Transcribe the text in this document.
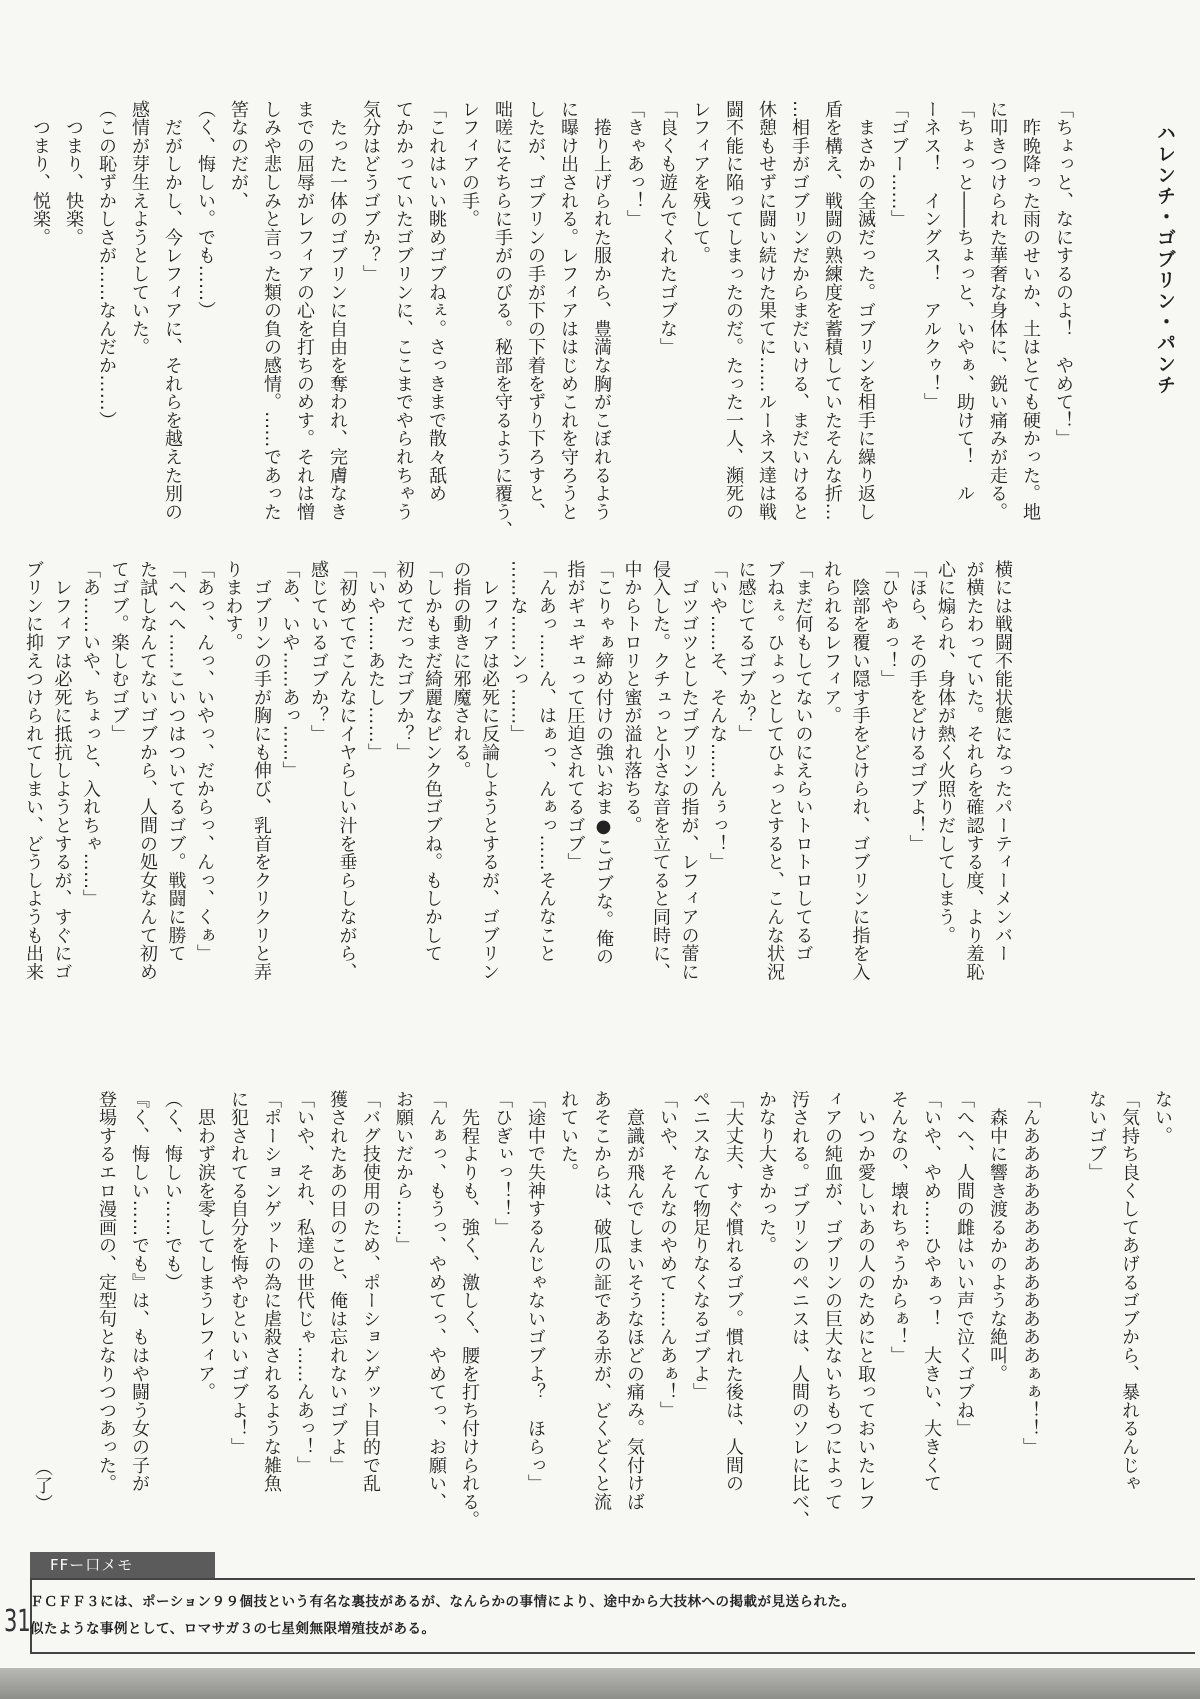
ハレンチ・ゴブリン・パンチ
「ちょっと、なにするのよ！　やめて！」
　昨晩降った雨のせいか、土はとても硬かった。地
に叩きつけられた華奢な身体に、鋭い痛みが走る。
「ちょっと――ちょっと、いやぁ、助けて！　ル
ーネス！　イングス！　アルクゥ！」
「ゴブー……」
　まさかの全滅だった。ゴブリンを相手に繰り返し
盾を構え、戦闘の熟練度を蓄積していたそんな折…
…相手がゴブリンだからまだいける、まだいけると
休憩もせずに闘い続けた果てに……ルーネス達は戦
闘不能に陥ってしまったのだ。たった一人、瀕死の
レフィアを残して。
「良くも遊んでくれたゴブな」
「きゃあっ！」
　捲り上げられた服から、豊満な胸がこぼれるよう
に曝け出される。レフィアははじめこれを守ろうと
したが、ゴブリンの手が下の下着をずり下ろすと、
咄嗟にそちらに手がのびる。秘部を守るように覆う、
レフィアの手。
「これはいい眺めゴブねぇ。さっきまで散々舐め
てかかっていたゴブリンに、ここまでやられちゃう
気分はどうゴブか？」
　たった一体のゴブリンに自由を奪われ、完膚なき
までの屈辱がレフィアの心を打ちのめす。それは憎
しみや悲しみと言った類の負の感情。……であった
筈なのだが、
（く、悔しい。でも……）
　だがしかし、今レフィアに、それらを越えた別の
感情が芽生えようとしていた。
（この恥ずかしさが……なんだか……）
　つまり、快楽。
　つまり、悦楽。
横には戦闘不能状態になったパーティーメンバー
が横たわっていた。それらを確認する度、より羞恥
心に煽られ、身体が熱く火照りだしてしまう。
「ほら、その手をどけるゴブよ！」
「ひやぁっ！」
　陰部を覆い隠す手をどけられ、ゴブリンに指を入
れられるレフィア。
「まだ何もしてないのにえらいトロトロしてるゴ
ブねぇ。ひょっとしてひょっとすると、こんな状況
に感じてるゴブか？」
「いや……そ、そんな……んぅっ！」
　ゴツゴツとしたゴブリンの指が、レフィアの蕾に
侵入した。クチュっと小さな音を立てると同時に、
中からトロリと蜜が溢れ落ちる。
「こりゃぁ締め付けの強いおま●こゴブな。俺の
指がギュギュって圧迫されてるゴブ」
「んあっ……ん、はぁっ、んぁっ……そんなこと
……な……ンっ……」
　レフィアは必死に反論しようとするが、ゴブリン
の指の動きに邪魔される。
「しかもまだ綺麗なピンク色ゴブね。もしかして
初めてだったゴブか？」
「いや……あたし……」
「初めてでこんなにイヤらしい汁を垂らしながら、
感じているゴブか？」
「あ、いや……あっ……」
　ゴブリンの手が胸にも伸び、乳首をクリクリと弄
りまわす。
「あっ、んっ、いやっ、だからっ、んっ、くぁ」
「へへへ……こいつはついてるゴブ。戦闘に勝て
た試しなんてないゴブから、人間の処女なんて初め
てゴブ。楽しむゴブ」
「あ……いや、ちょっと、入れちゃ……」
　レフィアは必死に抵抗しようとするが、すぐにゴ
ブリンに抑えつけられてしまい、どうしようも出来
ない。
「気持ち良くしてあげるゴブから、暴れるんじゃ
ないゴブ」
「んあああああああああああああぁぁ！！」
　森中に響き渡るかのような絶叫。
「へへ、人間の雌はいい声で泣くゴブね」
「いや、やめ……ひやぁっ！　大きい、大きくて
そんなの、壊れちゃうからぁ！」
　いつか愛しいあの人のためにと取っておいたレフ
ィアの純血が、ゴブリンの巨大ないちもつによって
汚される。ゴブリンのペニスは、人間のソレに比べ、
かなり大きかった。
「大丈夫、すぐ慣れるゴブ。慣れた後は、人間の
ペニスなんて物足りなくなるゴブよ」
「いや、そんなのやめて……んあぁ！」
　意識が飛んでしまいそうなほどの痛み。気付けば
あそこからは、破瓜の証である赤が、どくどくと流
れていた。
「途中で失神するんじゃないゴブよ？　ほらっ」
「ひぎぃっ！！」
　先程よりも、強く、激しく、腰を打ち付けられる。
「んぁっ、もうっ、やめてっ、やめてっ、お願い、
お願いだから……」
「バグ技使用のため、ポーションゲット目的で乱
獲されたあの日のこと、俺は忘れないゴブよ」
「いや、それ、私達の世代じゃ……んあっ！」
「ポーションゲットの為に虐殺されるような雑魚
に犯されてる自分を悔やむといいゴブよ！」
　思わず涙を零してしまうレフィア。
（く、悔しい……でも）
『く、悔しい……でも』は、もはや闘う女の子が
登場するエロ漫画の、定型句となりつつあった。
（了）
FFー口メモ
ＦＣＦＦ３には、ポーション９９個技という有名な裏技があるが、なんらかの事情により、途中から大技林への掲載が見送られた。
似たような事例として、ロマサガ３の七星剣無限増殖技がある。
31
